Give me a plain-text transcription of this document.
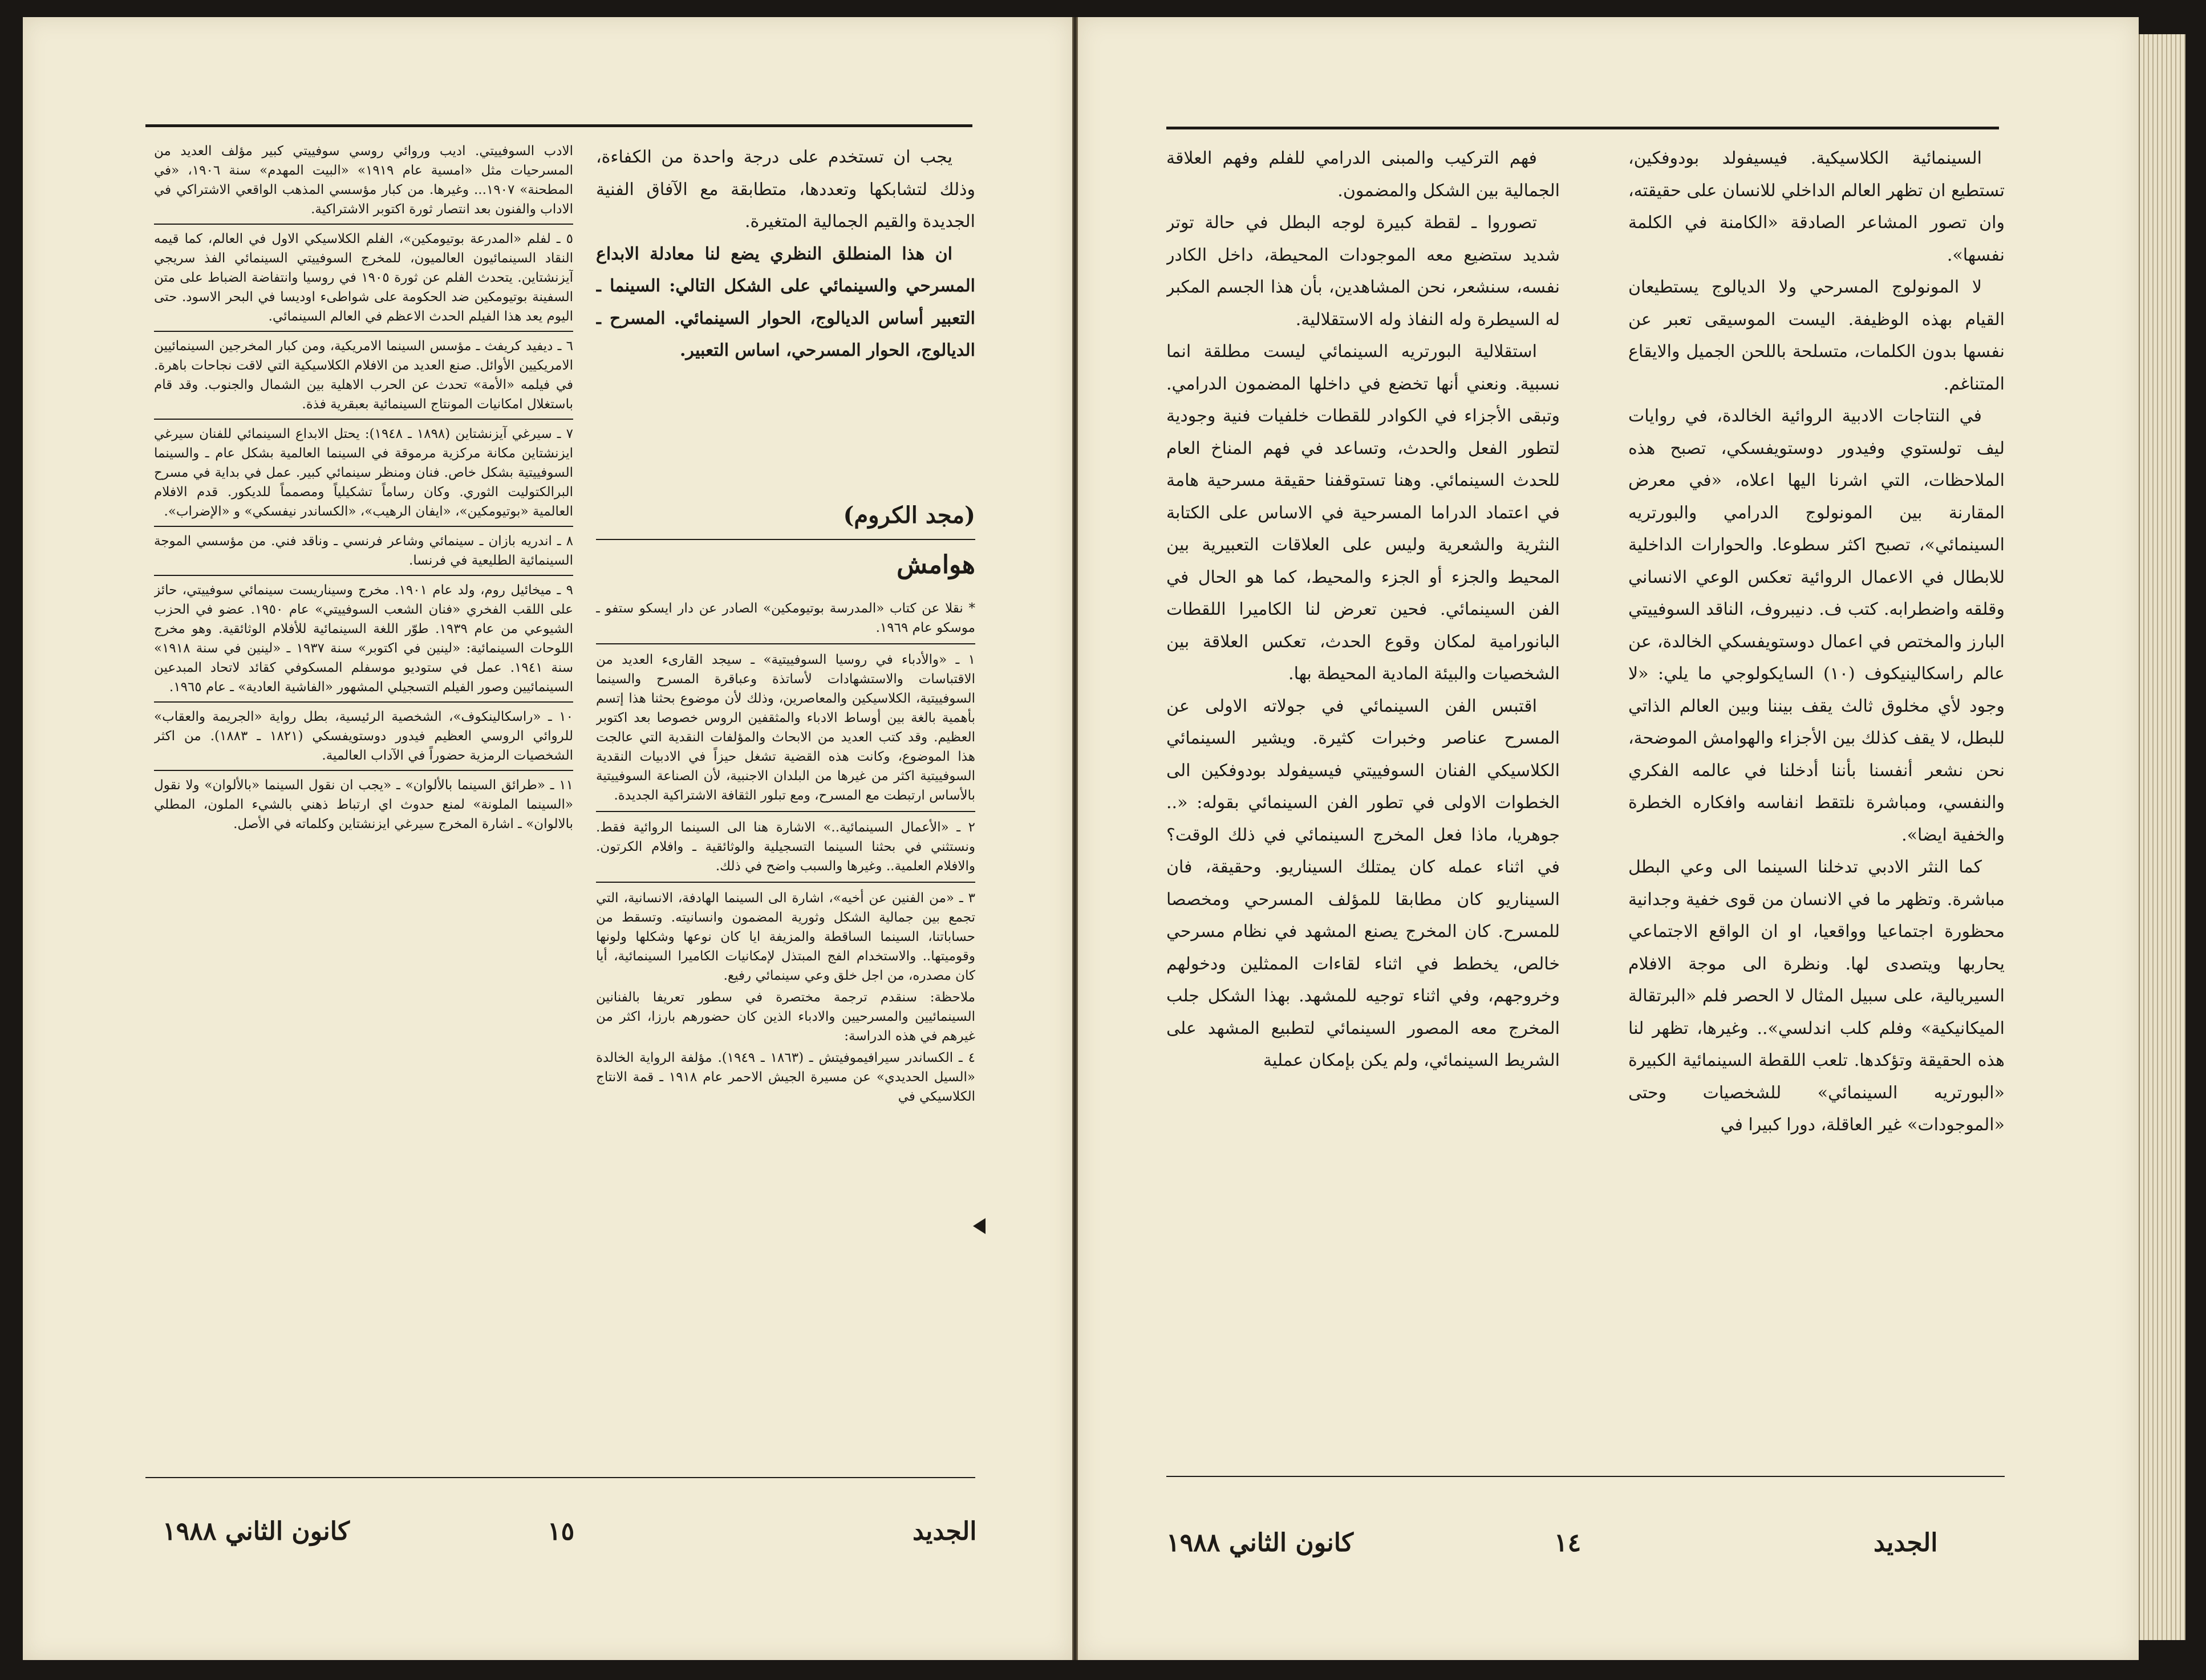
السينمائية الكلاسيكية. فيسيفولد بودوفكين، تستطيع ان تظهر العالم الداخلي للانسان على حقيقته، وان تصور المشاعر الصادقة «الكامنة في الكلمة نفسها».

لا المونولوج المسرحي ولا الديالوج يستطيعان القيام بهذه الوظيفة. اليست الموسيقى تعبر عن نفسها بدون الكلمات، متسلحة باللحن الجميل والايقاع المتناغم.

في النتاجات الادبية الروائية الخالدة، في روايات ليف تولستوي وفيدور دوستويفسكي، تصبح هذه الملاحظات، التي اشرنا اليها اعلاه، «في معرض المقارنة بين المونولوج الدرامي والبورتريه السينمائي»، تصبح اكثر سطوعا. والحوارات الداخلية للابطال في الاعمال الروائية تعكس الوعي الانساني وقلقه واضطرابه. كتب ف. دنيبروف، الناقد السوفييتي البارز والمختص في اعمال دوستويفسكي الخالدة، عن عالم راسكالينيكوف (١٠) السايكولوجي ما يلي: «لا وجود لأي مخلوق ثالث يقف بيننا وبين العالم الذاتي للبطل، لا يقف كذلك بين الأجزاء والهوامش الموضحة، نحن نشعر أنفسنا بأننا أدخلنا في عالمه الفكري والنفسي، ومباشرة نلتقط انفاسه وافكاره الخطرة والخفية ايضا».

كما النثر الادبي تدخلنا السينما الى وعي البطل مباشرة. وتظهر ما في الانسان من قوى خفية وجدانية محظورة اجتماعيا وواقعيا، او ان الواقع الاجتماعي يحاربها ويتصدى لها. ونظرة الى موجة الافلام السيريالية، على سبيل المثال لا الحصر فلم «البرتقالة الميكانيكية» وفلم كلب اندلسي».. وغيرها، تظهر لنا هذه الحقيقة وتؤكدها. تلعب اللقطة السينمائية الكبيرة «البورتريه السينمائي» للشخصيات وحتى «الموجودات» غير العاقلة، دورا كبيرا في

فهم التركيب والمبنى الدرامي للفلم وفهم العلاقة الجمالية بين الشكل والمضمون.

تصوروا ـ لقطة كبيرة لوجه البطل في حالة توتر شديد ستضيع معه الموجودات المحيطة، داخل الكادر نفسه، سنشعر، نحن المشاهدين، بأن هذا الجسم المكبر له السيطرة وله النفاذ وله الاستقلالية.

استقلالية البورتريه السينمائي ليست مطلقة انما نسبية. ونعني أنها تخضع في داخلها المضمون الدرامي. وتبقى الأجزاء في الكوادر للقطات خلفيات فنية وجودية لتطور الفعل والحدث، وتساعد في فهم المناخ العام للحدث السينمائي. وهنا تستوقفنا حقيقة مسرحية هامة في اعتماد الدراما المسرحية في الاساس على الكتابة النثرية والشعرية وليس على العلاقات التعبيرية بين المحيط والجزء أو الجزء والمحيط، كما هو الحال في الفن السينمائي. فحين تعرض لنا الكاميرا اللقطات البانورامية لمكان وقوع الحدث، تعكس العلاقة بين الشخصيات والبيئة المادية المحيطة بها.

اقتبس الفن السينمائي في جولاته الاولى عن المسرح عناصر وخبرات كثيرة. ويشير السينمائي الكلاسيكي الفنان السوفييتي فيسيفولد بودوفكين الى الخطوات الاولى في تطور الفن السينمائي بقوله: «.. جوهريا، ماذا فعل المخرج السينمائي في ذلك الوقت؟ في اثناء عمله كان يمتلك السيناريو. وحقيقة، فان السيناريو كان مطابقا للمؤلف المسرحي ومخصصا للمسرح. كان المخرج يصنع المشهد في نظام مسرحي خالص، يخطط في اثناء لقاءات الممثلين ودخولهم وخروجهم، وفي اثناء توجيه للمشهد. بهذا الشكل جلب المخرج معه المصور السينمائي لتطبيع المشهد على الشريط السينمائي، ولم يكن بإمكان عملية

الجديد
١٤
كانون الثاني ١٩٨٨

يجب ان تستخدم على درجة واحدة من الكفاءة، وذلك لتشابكها وتعددها، متطابقة مع الآفاق الفنية الجديدة والقيم الجمالية المتغيرة.

ان هذا المنطلق النظري يضع لنا معادلة الابداع المسرحي والسينمائي على الشكل التالي: السينما ـ التعبير أساس الديالوج، الحوار السينمائي. المسرح ـ الديالوج، الحوار المسرحي، اساس التعبير.

(مجد الكروم)
هوامش

* نقلا عن كتاب «المدرسة بوتيومكين» الصادر عن دار ايسكو ستفو ـ موسكو عام ١٩٦٩.

١ ـ «والأدباء في روسيا السوفييتية» ـ سيجد القارىء العديد من الاقتباسات والاستشهادات لأساتذة وعباقرة المسرح والسينما السوفييتية، الكلاسيكين والمعاصرين، وذلك لأن موضوع بحثنا هذا إتسم بأهمية بالغة بين أوساط الادباء والمثقفين الروس خصوصا بعد اكتوبر العظيم. وقد كتب العديد من الابحاث والمؤلفات النقدية التي عالجت هذا الموضوع، وكانت هذه القضية تشغل حيزاً في الادبيات النقدية السوفييتية اكثر من غيرها من البلدان الاجنبية، لأن الصناعة السوفييتية بالأساس ارتبطت مع المسرح، ومع تبلور الثقافة الاشتراكية الجديدة.

٢ ـ «الأعمال السينمائية..» الاشارة هنا الى السينما الروائية فقط. ونستثني في بحثنا السينما التسجيلية والوثائقية ـ وافلام الكرتون. والافلام العلمية.. وغيرها والسبب واضح في ذلك.

٣ ـ «من الفنين عن أخيه»، اشارة الى السينما الهادفة، الانسانية، التي تجمع بين جمالية الشكل وثورية المضمون وانسانيته. وتسقط من حساباتنا، السينما الساقطة والمزيفة ايا كان نوعها وشكلها ولونها وقوميتها.. والاستخدام الفج المبتذل لإمكانيات الكاميرا السينمائية، أيا كان مصدره، من اجل خلق وعي سينمائي رفيع.

ملاحظة: سنقدم ترجمة مختصرة في سطور تعريفا بالفنانين السينمائيين والمسرحيين والادباء الذين كان حضورهم بارزا، اكثر من غيرهم في هذه الدراسة:

٤ ـ الكساندر سيرافيموفيتش ـ (١٨٦٣ ـ ١٩٤٩). مؤلفة الرواية الخالدة «السيل الحديدي» عن مسيرة الجيش الاحمر عام ١٩١٨ ـ قمة الانتاج الكلاسيكي في

الادب السوفييتي. اديب وروائي روسي سوفييتي كبير مؤلف العديد من المسرحيات مثل «امسية عام ١٩١٩» «البيت المهدم» سنة ١٩٠٦، «في المطحنة» ١٩٠٧... وغيرها. من كبار مؤسسي المذهب الواقعي الاشتراكي في الاداب والفنون بعد انتصار ثورة اكتوبر الاشتراكية.

٥ ـ لفلم «المدرعة بوتيومكين»، الفلم الكلاسيكي الاول في العالم، كما قيمه النقاد السينمائيون العالميون، للمخرج السوفييتي السينمائي الفذ سريجي آيزنشتاين. يتحدث الفلم عن ثورة ١٩٠٥ في روسيا وانتفاضة الضباط على متن السفينة بوتيومكين ضد الحكومة على شواطىء اوديسا في البحر الاسود. حتى اليوم يعد هذا الفيلم الحدث الاعظم في العالم السينمائي.

٦ ـ ديفيد كريفث ـ مؤسس السينما الامريكية، ومن كبار المخرجين السينمائيين الامريكيين الأوائل. صنع العديد من الافلام الكلاسيكية التي لاقت نجاحات باهرة. في فيلمه «الأمة» تحدث عن الحرب الاهلية بين الشمال والجنوب. وقد قام باستغلال امكانيات المونتاج السينمائية بعبقرية فذة.

٧ ـ سيرغي آيزنشتاين (١٨٩٨ ـ ١٩٤٨): يحتل الابداع السينمائي للفنان سيرغي ايزنشتاين مكانة مركزية مرموقة في السينما العالمية بشكل عام ـ والسينما السوفييتية بشكل خاص. فنان ومنظر سينمائي كبير. عمل في بداية في مسرح البرالكتوليت الثوري. وكان رساماً تشكيلياً ومصمماً للديكور. قدم الافلام العالمية «بوتيومكين»، «ايفان الرهيب»، «الكساندر نيفسكي» و «الإضراب».

٨ ـ اندريه بازان ـ سينمائي وشاعر فرنسي ـ وناقد فني. من مؤسسي الموجة السينمائية الطليعية في فرنسا.

٩ ـ ميخائيل روم، ولد عام ١٩٠١. مخرج وسيناريست سينمائي سوفييتي، حائز على اللقب الفخري «فنان الشعب السوفييتي» عام ١٩٥٠. عضو في الحزب الشيوعي من عام ١٩٣٩. طوّر اللغة السينمائية للأفلام الوثائقية. وهو مخرج اللوحات السينمائية: «لينين في اكتوبر» سنة ١٩٣٧ ـ «لينين في سنة ١٩١٨» سنة ١٩٤١. عمل في ستوديو موسفلم المسكوفي كقائد لاتحاد المبدعين السينمائيين وصور الفيلم التسجيلي المشهور «الفاشية العادية» ـ عام ١٩٦٥.

١٠ ـ «راسكالينكوف»، الشخصية الرئيسية، بطل رواية «الجريمة والعقاب» للروائي الروسي العظيم فيدور دوستويفسكي (١٨٢١ ـ ١٨٨٣). من اكثر الشخصيات الرمزية حضوراً في الآداب العالمية.

١١ ـ «طرائق السينما بالألوان» ـ «يجب ان نقول السينما «بالألوان» ولا نقول «السينما الملونة» لمنع حدوث اي ارتباط ذهني بالشيء الملون، المطلي بالالوان» ـ اشارة المخرج سيرغي ايزنشتاين وكلماته في الأصل.

الجديد
١٥
كانون الثاني ١٩٨٨
